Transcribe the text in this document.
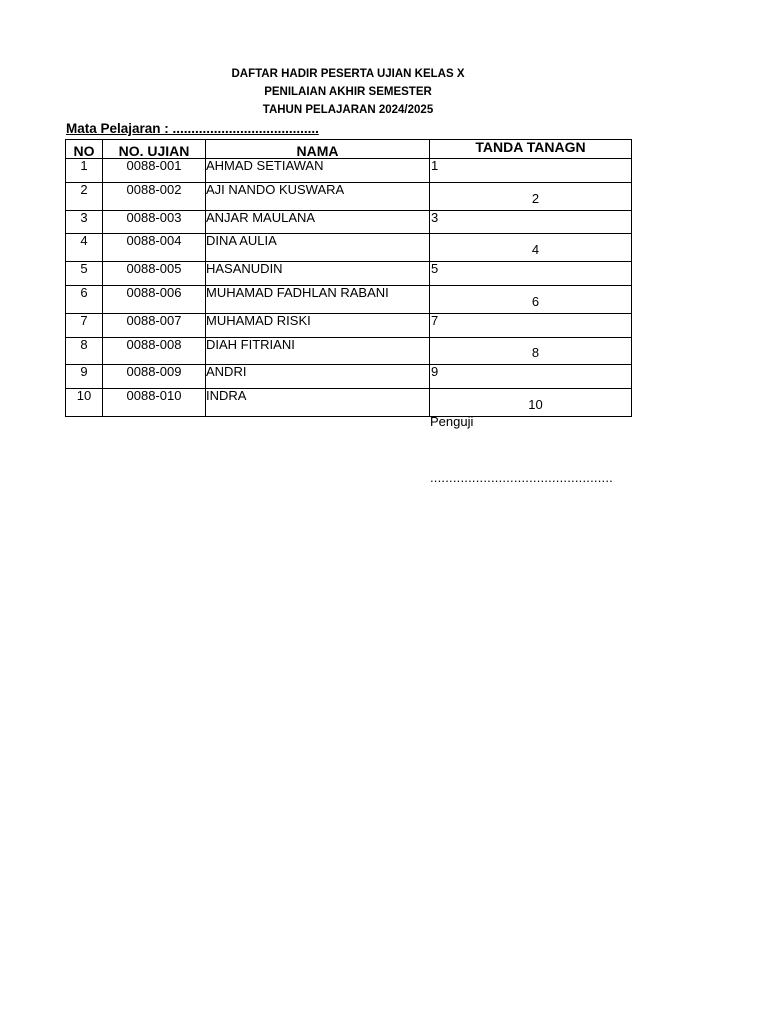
DAFTAR HADIR PESERTA UJIAN KELAS X
PENILAIAN AKHIR SEMESTER
TAHUN PELAJARAN 2024/2025
Mata Pelajaran : .......................................
NO	NO. UJIAN	NAMA	TANDA TANAGN
1	0088-001	AHMAD SETIAWAN	1
2	0088-002	AJI NANDO KUSWARA	2
3	0088-003	ANJAR MAULANA	3
4	0088-004	DINA AULIA	4
5	0088-005	HASANUDIN	5
6	0088-006	MUHAMAD FADHLAN RABANI	6
7	0088-007	MUHAMAD RISKI	7
8	0088-008	DIAH FITRIANI	8
9	0088-009	ANDRI	9
10	0088-010	INDRA	10
Penguji
................................................
